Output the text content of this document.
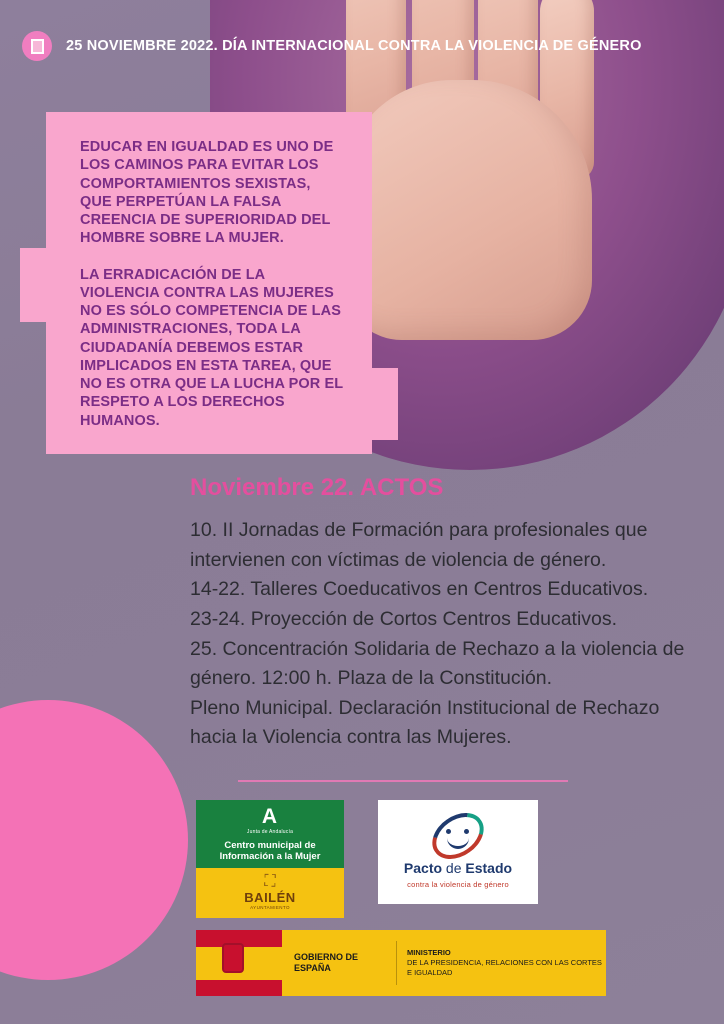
25 NOVIEMBRE 2022. DÍA INTERNACIONAL CONTRA LA VIOLENCIA DE GÉNERO

EDUCAR EN IGUALDAD ES UNO DE LOS CAMINOS PARA EVITAR LOS COMPORTAMIENTOS SEXISTAS, QUE PERPETÚAN LA FALSA CREENCIA DE SUPERIORIDAD DEL HOMBRE SOBRE LA MUJER.

LA ERRADICACIÓN DE LA VIOLENCIA CONTRA LAS MUJERES NO ES SÓLO COMPETENCIA DE LAS ADMINISTRACIONES, TODA LA CIUDADANÍA DEBEMOS ESTAR IMPLICADOS EN ESTA TAREA, QUE NO ES OTRA QUE LA LUCHA POR EL RESPETO A LOS DERECHOS HUMANOS.

Noviembre 22. ACTOS
10. II Jornadas de Formación para profesionales que intervienen con víctimas de violencia de género.
14-22. Talleres Coeducativos en Centros Educativos.
23-24. Proyección de Cortos Centros Educativos.
25. Concentración Solidaria de Rechazo a la violencia de género. 12:00 h. Plaza de la Constitución.
Pleno Municipal. Declaración Institucional de Rechazo hacia la Violencia contra las Mujeres.
A
Junta de Andalucía
Centro municipal de Información a la Mujer
⛶
BAILÉN
AYUNTAMIENTO
Pacto de Estado
contra la violencia de género
GOBIERNO DE ESPAÑA
MINISTERIO
DE LA PRESIDENCIA, RELACIONES CON LAS CORTES E IGUALDAD
